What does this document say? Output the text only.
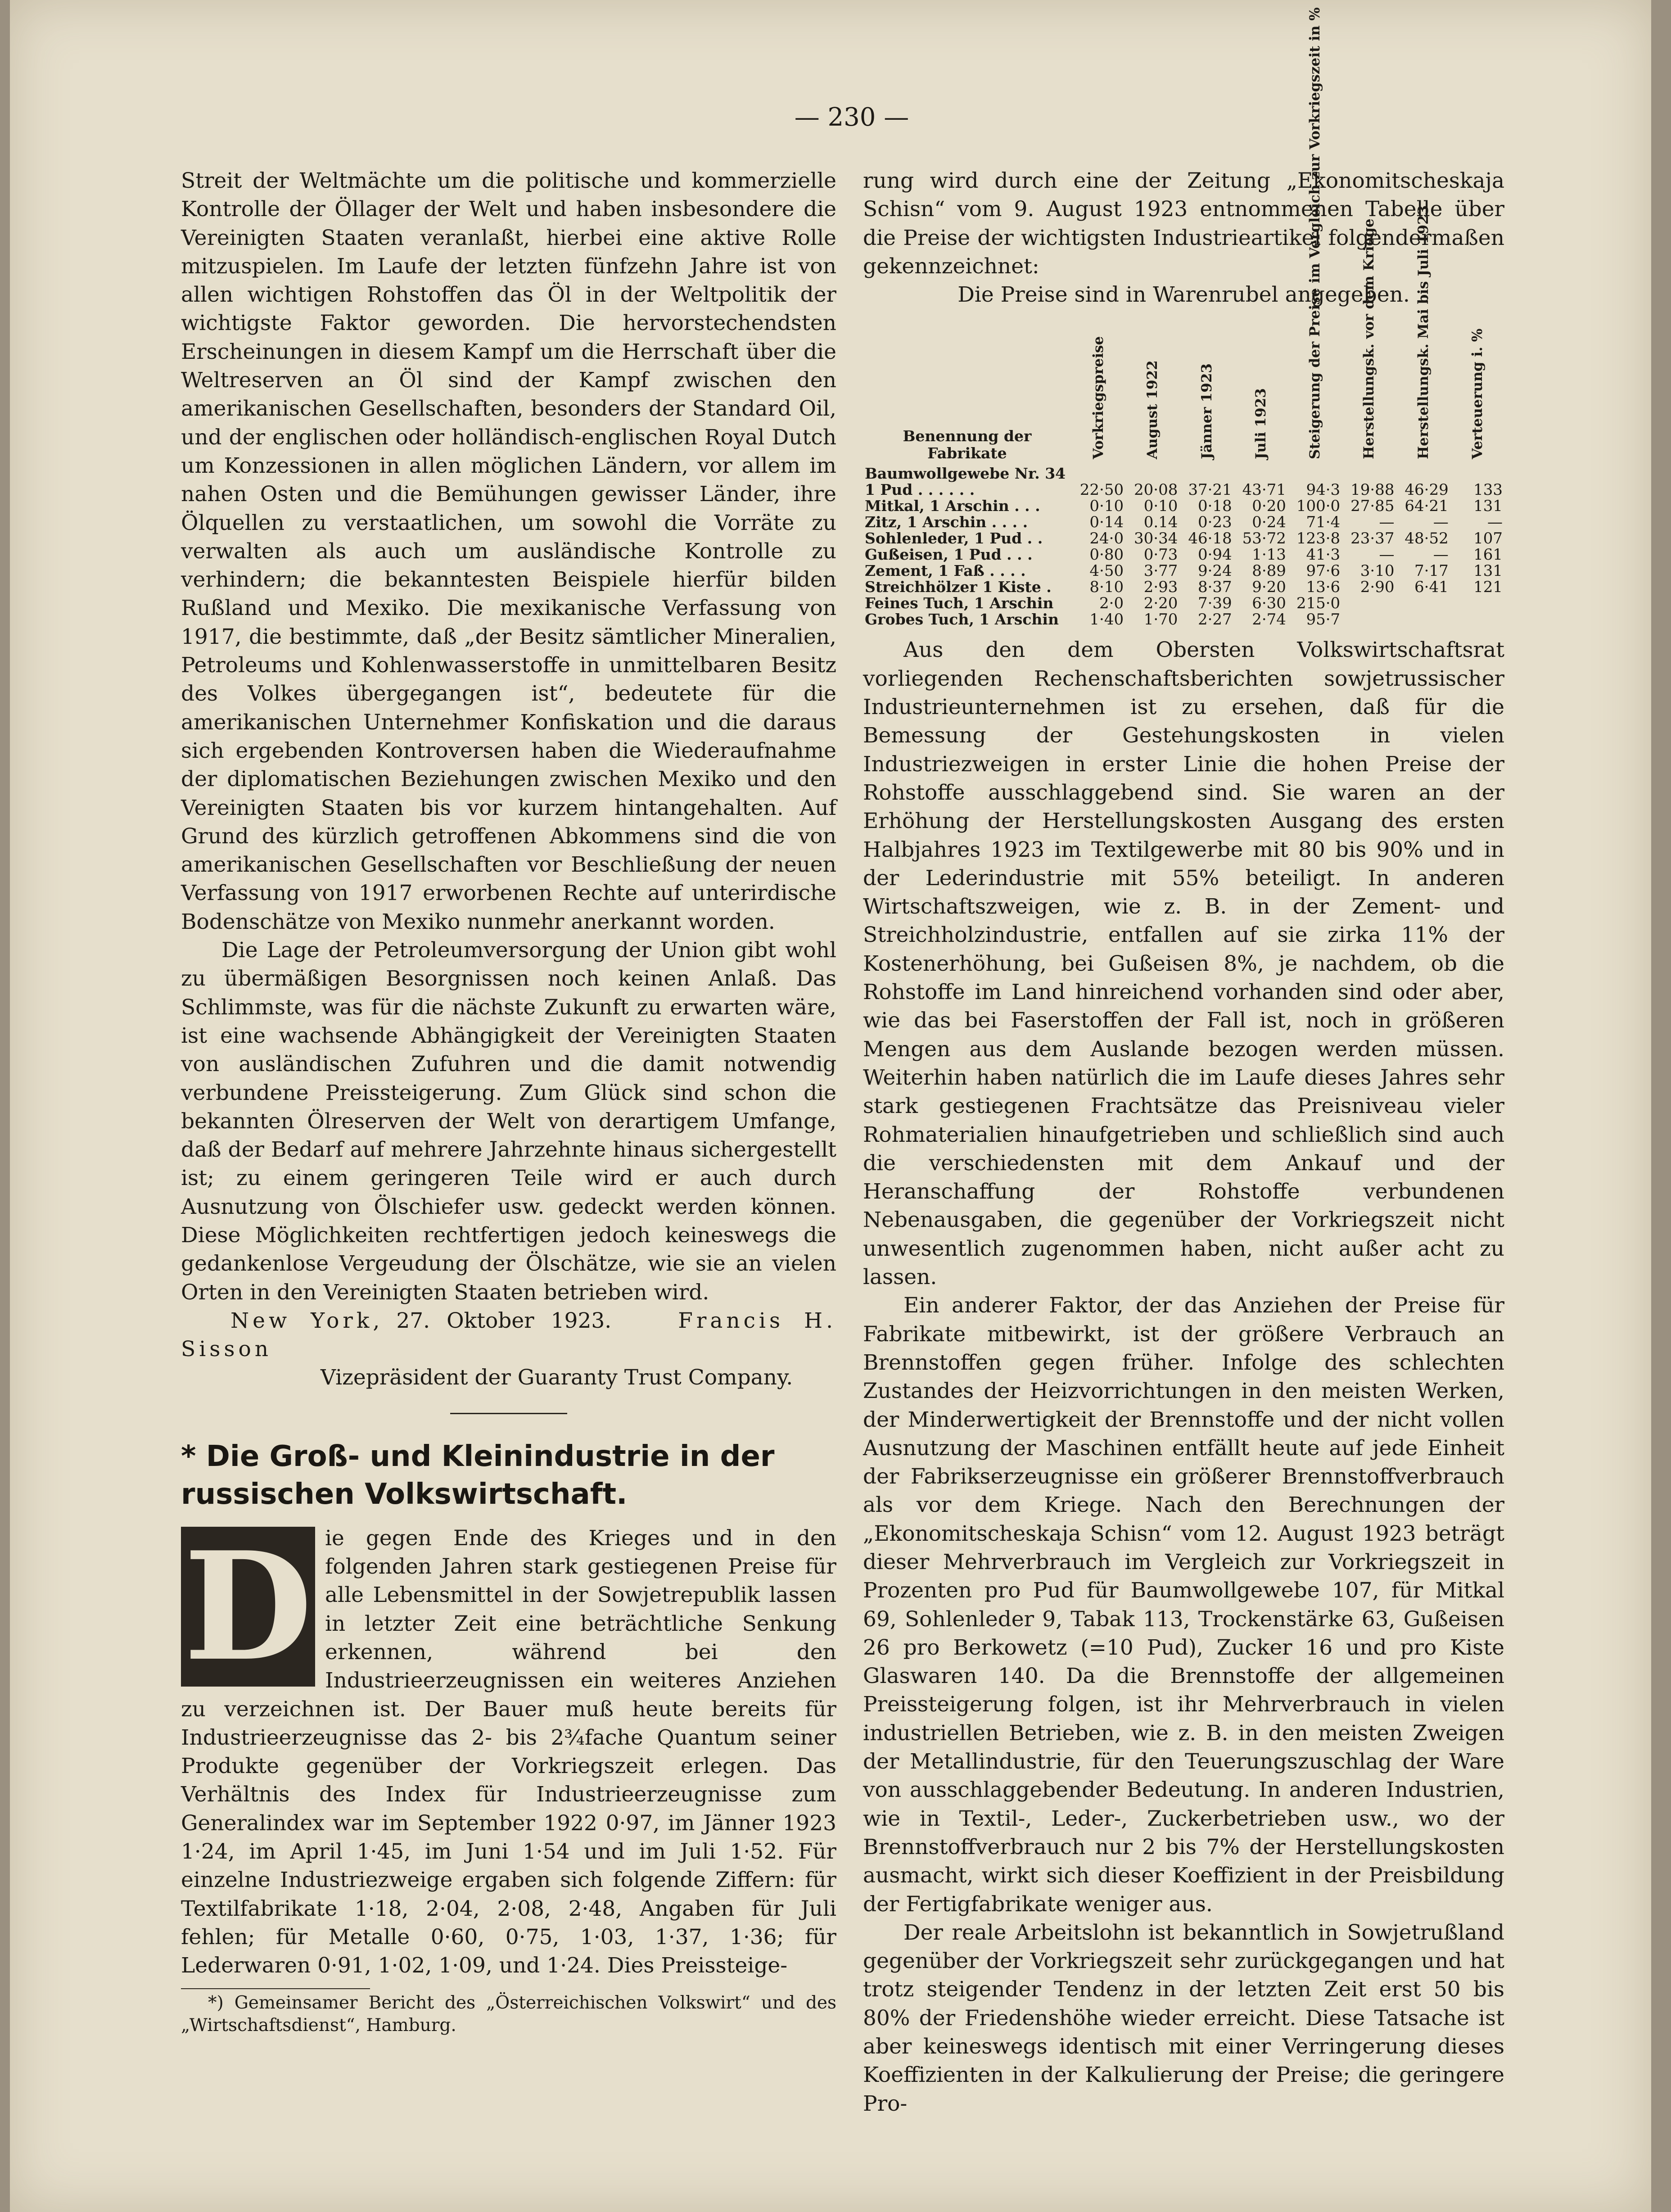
— 230 —

Streit der Weltmächte um die politische und kommerzielle Kontrolle der Öllager der Welt und haben insbesondere die Vereinigten Staaten veranlaßt, hierbei eine aktive Rolle mitzuspielen. Im Laufe der letzten fünfzehn Jahre ist von allen wichtigen Rohstoffen das Öl in der Weltpolitik der wichtigste Faktor geworden. Die hervorstechendsten Erscheinungen in diesem Kampf um die Herrschaft über die Weltreserven an Öl sind der Kampf zwischen den amerikanischen Gesellschaften, besonders der Standard Oil, und der englischen oder holländisch-englischen Royal Dutch um Konzessionen in allen möglichen Ländern, vor allem im nahen Osten und die Bemühungen gewisser Länder, ihre Ölquellen zu verstaatlichen, um sowohl die Vorräte zu verwalten als auch um ausländische Kontrolle zu verhindern; die bekanntesten Beispiele hierfür bilden Rußland und Mexiko. Die mexikanische Verfassung von 1917, die bestimmte, daß „der Besitz sämtlicher Mineralien, Petroleums und Kohlenwasserstoffe in unmittelbaren Besitz des Volkes übergegangen ist“, bedeutete für die amerikanischen Unternehmer Konfiskation und die daraus sich ergebenden Kontroversen haben die Wiederaufnahme der diplomatischen Beziehungen zwischen Mexiko und den Vereinigten Staaten bis vor kurzem hintangehalten. Auf Grund des kürzlich getroffenen Abkommens sind die von amerikanischen Gesellschaften vor Beschließung der neuen Verfassung von 1917 erworbenen Rechte auf unterirdische Bodenschätze von Mexiko nunmehr anerkannt worden.

Die Lage der Petroleumversorgung der Union gibt wohl zu übermäßigen Besorgnissen noch keinen Anlaß. Das Schlimmste, was für die nächste Zukunft zu erwarten wäre, ist eine wachsende Abhängigkeit der Vereinigten Staaten von ausländischen Zufuhren und die damit notwendig verbundene Preissteigerung. Zum Glück sind schon die bekannten Ölreserven der Welt von derartigem Umfange, daß der Bedarf auf mehrere Jahrzehnte hinaus sichergestellt ist; zu einem geringeren Teile wird er auch durch Ausnutzung von Ölschiefer usw. gedeckt werden können. Diese Möglichkeiten rechtfertigen jedoch keineswegs die gedankenlose Vergeudung der Ölschätze, wie sie an vielen Orten in den Vereinigten Staaten betrieben wird.

New York, 27. Oktober 1923.	Francis H. Sisson

Vizepräsident der Guaranty Trust Company.

* Die Groß- und Kleinindustrie in der russischen Volkswirtschaft.
D ie gegen Ende des Krieges und in den folgenden Jahren stark gestiegenen Preise für alle Lebensmittel in der Sowjetrepublik lassen in letzter Zeit eine beträchtliche Senkung erkennen, während bei den Industrieerzeugnissen ein weiteres Anziehen zu verzeichnen ist. Der Bauer muß heute bereits für Industrieerzeugnisse das 2- bis 2¾fache Quantum seiner Produkte gegenüber der Vorkriegszeit erlegen. Das Verhältnis des Index für Industrieerzeugnisse zum Generalindex war im September 1922 0·97, im Jänner 1923 1·24, im April 1·45, im Juni 1·54 und im Juli 1·52. Für einzelne Industriezweige ergaben sich folgende Ziffern: für Textilfabrikate 1·18, 2·04, 2·08, 2·48, Angaben für Juli fehlen; für Metalle 0·60, 0·75, 1·03, 1·37, 1·36; für Lederwaren 0·91, 1·02, 1·09, und 1·24. Dies Preissteige-

*) Gemeinsamer Bericht des „Österreichischen Volkswirt“ und des „Wirtschaftsdienst“, Hamburg.

rung wird durch eine der Zeitung „Ekonomitscheskaja Schisn“ vom 9. August 1923 entnommenen Tabelle über die Preise der wichtigsten Industrieartikel folgendermaßen gekennzeichnet:

Die Preise sind in Warenrubel angegeben.

Benennung der Fabrikate	Vorkriegspreise	August 1922	Jänner 1923	Juli 1923	Steigerung der Preise im Vergleich zur Vorkriegszeit in %	Herstellungsk. vor dem Kriege	Herstellungsk. Mai bis Juli 1923	Verteuerung i. %

Baumwollgewebe Nr. 34								
1 Pud . . . . . .	22·50	20·08	37·21	43·71	94·3	19·88	46·29	133
Mitkal, 1 Arschin . . .	0·10	0·10	0·18	0·20	100·0	27·85	64·21	131
Zitz, 1 Arschin . . . .	0·14	0.14	0·23	0·24	71·4	—	—	—
Sohlenleder, 1 Pud . .	24·0	30·34	46·18	53·72	123·8	23·37	48·52	107
Gußeisen, 1 Pud . . .	0·80	0·73	0·94	1·13	41·3	—	—	161
Zement, 1 Faß . . . .	4·50	3·77	9·24	8·89	97·6	3·10	7·17	131
Streichhölzer 1 Kiste .	8·10	2·93	8·37	9·20	13·6	2·90	6·41	121
Feines Tuch, 1 Arschin	2·0	2·20	7·39	6·30	215·0			
Grobes Tuch, 1 Arschin	1·40	1·70	2·27	2·74	95·7			

Aus den dem Obersten Volkswirtschaftsrat vorliegenden Rechenschaftsberichten sowjetrussischer Industrieunternehmen ist zu ersehen, daß für die Bemessung der Gestehungskosten in vielen Industriezweigen in erster Linie die hohen Preise der Rohstoffe ausschlaggebend sind. Sie waren an der Erhöhung der Herstellungskosten Ausgang des ersten Halbjahres 1923 im Textilgewerbe mit 80 bis 90% und in der Lederindustrie mit 55% beteiligt. In anderen Wirtschaftszweigen, wie z. B. in der Zement- und Streichholzindustrie, entfallen auf sie zirka 11% der Kostenerhöhung, bei Gußeisen 8%, je nachdem, ob die Rohstoffe im Land hinreichend vorhanden sind oder aber, wie das bei Faserstoffen der Fall ist, noch in größeren Mengen aus dem Auslande bezogen werden müssen. Weiterhin haben natürlich die im Laufe dieses Jahres sehr stark gestiegenen Frachtsätze das Preisniveau vieler Rohmaterialien hinaufgetrieben und schließlich sind auch die verschiedensten mit dem Ankauf und der Heranschaffung der Rohstoffe verbundenen Nebenausgaben, die gegenüber der Vorkriegszeit nicht unwesentlich zugenommen haben, nicht außer acht zu lassen.

Ein anderer Faktor, der das Anziehen der Preise für Fabrikate mitbewirkt, ist der größere Verbrauch an Brennstoffen gegen früher. Infolge des schlechten Zustandes der Heizvorrichtungen in den meisten Werken, der Minderwertigkeit der Brennstoffe und der nicht vollen Ausnutzung der Maschinen entfällt heute auf jede Einheit der Fabrikserzeugnisse ein größerer Brennstoffverbrauch als vor dem Kriege. Nach den Berechnungen der „Ekonomitscheskaja Schisn“ vom 12. August 1923 beträgt dieser Mehrverbrauch im Vergleich zur Vorkriegszeit in Prozenten pro Pud für Baumwollgewebe 107, für Mitkal 69, Sohlenleder 9, Tabak 113, Trockenstärke 63, Gußeisen 26 pro Berkowetz (=10 Pud), Zucker 16 und pro Kiste Glaswaren 140. Da die Brennstoffe der allgemeinen Preissteigerung folgen, ist ihr Mehrverbrauch in vielen industriellen Betrieben, wie z. B. in den meisten Zweigen der Metallindustrie, für den Teuerungszuschlag der Ware von ausschlaggebender Bedeutung. In anderen Industrien, wie in Textil-, Leder-, Zuckerbetrieben usw., wo der Brennstoffverbrauch nur 2 bis 7% der Herstellungskosten ausmacht, wirkt sich dieser Koeffizient in der Preisbildung der Fertigfabrikate weniger aus.

Der reale Arbeitslohn ist bekanntlich in Sowjetrußland gegenüber der Vorkriegszeit sehr zurückgegangen und hat trotz steigender Tendenz in der letzten Zeit erst 50 bis 80% der Friedenshöhe wieder erreicht. Diese Tatsache ist aber keineswegs identisch mit einer Verringerung dieses Koeffizienten in der Kalkulierung der Preise; die geringere Pro-
